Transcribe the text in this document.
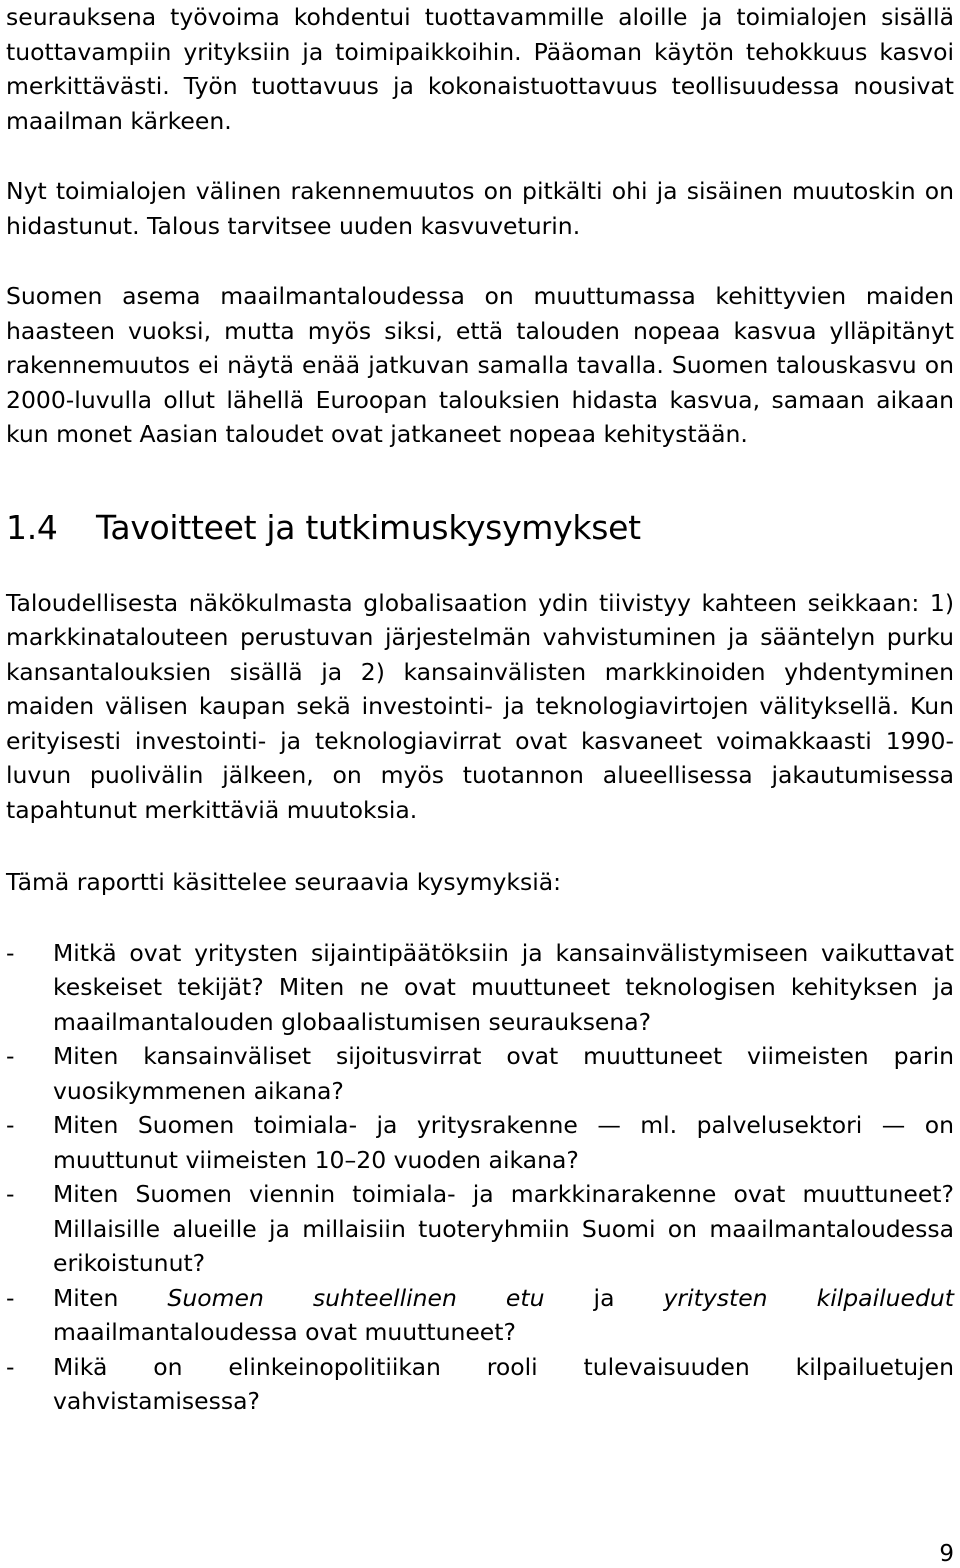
seurauksena työvoima kohdentui tuottavammille aloille ja toimialojen sisällä tuottavampiin yrityksiin ja toimipaikkoihin. Pääoman käytön tehokkuus kasvoi merkittävästi. Työn tuottavuus ja kokonaistuottavuus teollisuudessa nousivat maailman kärkeen.

Nyt toimialojen välinen rakennemuutos on pitkälti ohi ja sisäinen muutoskin on hidastunut. Talous tarvitsee uuden kasvuveturin.

Suomen asema maailmantaloudessa on muuttumassa kehittyvien maiden haasteen vuoksi, mutta myös siksi, että talouden nopeaa kasvua ylläpitänyt rakennemuutos ei näytä enää jatkuvan samalla tavalla. Suomen talouskasvu on 2000-luvulla ollut lähellä Euroopan talouksien hidasta kasvua, samaan aikaan kun monet Aasian taloudet ovat jatkaneet nopeaa kehitystään.

1.4	Tavoitteet ja tutkimuskysymykset

Taloudellisesta näkökulmasta globalisaation ydin tiivistyy kahteen seikkaan: 1) markkinatalouteen perustuvan järjestelmän vahvistuminen ja sääntelyn purku kansantalouksien sisällä ja 2) kansainvälisten markkinoiden yhdentyminen maiden välisen kaupan sekä investointi- ja teknologiavirtojen välityksellä. Kun erityisesti investointi- ja teknologiavirrat ovat kasvaneet voimakkaasti 1990-luvun puolivälin jälkeen, on myös tuotannon alueellisessa jakautumisessa tapahtunut merkittäviä muutoksia.

Tämä raportti käsittelee seuraavia kysymyksiä:

- Mitkä ovat yritysten sijaintipäätöksiin ja kansainvälistymiseen vaikuttavat keskeiset tekijät? Miten ne ovat muuttuneet teknologisen kehityksen ja maailmantalouden globaalistumisen seurauksena?
- Miten kansainväliset sijoitusvirrat ovat muuttuneet viimeisten parin vuosikymmenen aikana?
- Miten Suomen toimiala- ja yritysrakenne — ml. palvelusektori — on muuttunut viimeisten 10–20 vuoden aikana?
- Miten Suomen viennin toimiala- ja markkinarakenne ovat muuttuneet? Millaisille alueille ja millaisiin tuoteryhmiin Suomi on maailmantaloudessa erikoistunut?
- Miten Suomen suhteellinen etu ja yritysten kilpailuedut maailmantaloudessa ovat muuttuneet?
- Mikä on elinkeinopolitiikan rooli tulevaisuuden kilpailuetujen vahvistamisessa?
9
